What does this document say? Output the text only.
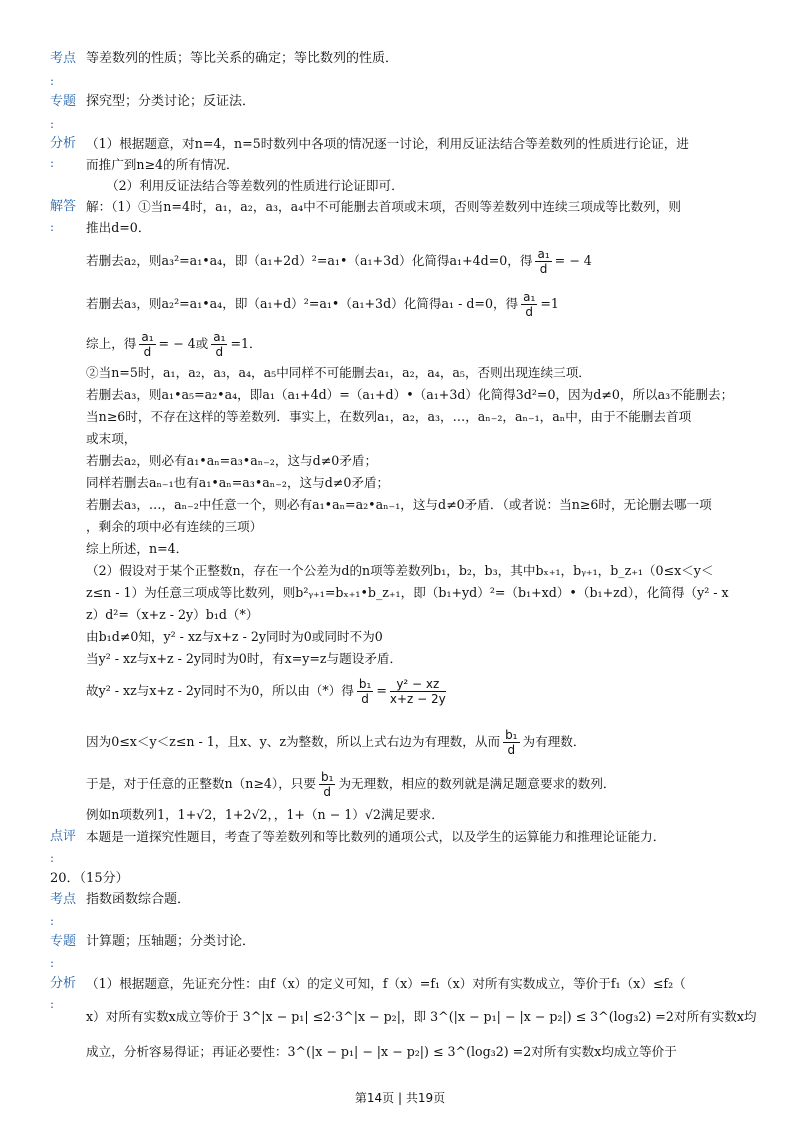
考点 等差数列的性质；等比关系的确定；等比数列的性质．
:
专题 探究型；分类讨论；反证法．
:
分析
:
（1）根据题意，对n=4，n=5时数列中各项的情况逐一讨论，利用反证法结合等差数列的性质进行论证，进
而推广到n≥4的所有情况．
（2）利用反证法结合等差数列的性质进行论证即可．
解答
:
解：（1）①当n=4时，a₁，a₂，a₃，a₄中不可能删去首项或末项，否则等差数列中连续三项成等比数列，则
推出d=0．
若删去a₂，则a₃²=a₁•a₄，即（a₁+2d）²=a₁•（a₁+3d）化简得a₁+4d=0，得 $\frac{\text{a₁}}{d}$ = − 4
若删去a₃，则a₂²=a₁•a₄，即（a₁+d）²=a₁•（a₁+3d）化简得a₁ - d=0，得 $\frac{\text{a₁}}{d} =1$
综上，得 $\frac{\text{a₁}}{d}$ = − 4或 $\frac{\text{a₁}}{d} =1$．
②当n=5时，a₁，a₂，a₃，a₄，a₅中同样不可能删去a₁，a₂，a₄，a₅，否则出现连续三项．
若删去a₃，则a₁•a₅=a₂•a₄，即a₁（a₁+4d）=（a₁+d）•（a₁+3d）化简得3d²=0，因为d≠0，所以a₃不能删去；
当n≥6时，不存在这样的等差数列．事实上，在数列a₁，a₂，a₃，…，aₙ₋₂，aₙ₋₁，aₙ中，由于不能删去首项
或末项，
若删去a₂，则必有a₁•aₙ=a₃•aₙ₋₂，这与d≠0矛盾；
同样若删去aₙ₋₁也有a₁•aₙ=a₃•aₙ₋₂，这与d≠0矛盾；
若删去a₃，…，aₙ₋₂中任意一个，则必有a₁•aₙ=a₂•aₙ₋₁，这与d≠0矛盾．（或者说：当n≥6时，无论删去哪一项
，剩余的项中必有连续的三项）
综上所述，n=4．
（2）假设对于某个正整数n，存在一个公差为d的n项等差数列b₁，b₂，b₃，其中bₓ₊₁，bᵧ₊₁，b_z₊₁（0≤x＜y＜
z≤n - 1）为任意三项成等比数列，则b²ᵧ₊₁=bₓ₊₁•b_z₊₁，即（b₁+yd）²=（b₁+xd）•（b₁+zd），化简得（y² - x
z）d²=（x+z - 2y）b₁d（*）
由b₁d≠0知，y² - xz与x+z - 2y同时为0或同时不为0
当y² - xz与x+z - 2y同时为0时，有x=y=z与题设矛盾．
故y² - xz与x+z - 2y同时不为0，所以由（*）得 $\frac{\text{b₁}}{d} = \frac{\text{y² − xz}}{x+z - 2y}$
因为0≤x＜y＜z≤n - 1，且x、y、z为整数，所以上式右边为有理数，从而 $\frac{\text{b₁}}{d}$ 为有理数．
于是，对于任意的正整数n（n≥4），只要 $\frac{\text{b₁}}{d}$ 为无理数，相应的数列就是满足题意要求的数列．
例如n项数列1，1+√2，1+2√2，，1+（n − 1）√2满足要求．
点评 本题是一道探究性题目，考查了等差数列和等比数列的通项公式，以及学生的运算能力和推理论证能力．
:
20．（15分）
考点 指数函数综合题．
:
专题 计算题；压轴题；分类讨论．
:
分析
:
（1）根据题意，先证充分性：由f（x）的定义可知，f（x）=f₁（x）对所有实数成立，等价于f₁（x）≤f₂（
x）对所有实数x成立等价于 3^|x − p₁| ≤2·3^|x − p₂|，即 3^(|x − p₁| − |x − p₂|) ≤ 3^(log₃2) =2对所有实数x均
成立，分析容易得证；再证必要性：3^(|x − p₁| − |x − p₂|) ≤ 3^(log₃2) =2对所有实数x均成立等价于
第14页 | 共19页
